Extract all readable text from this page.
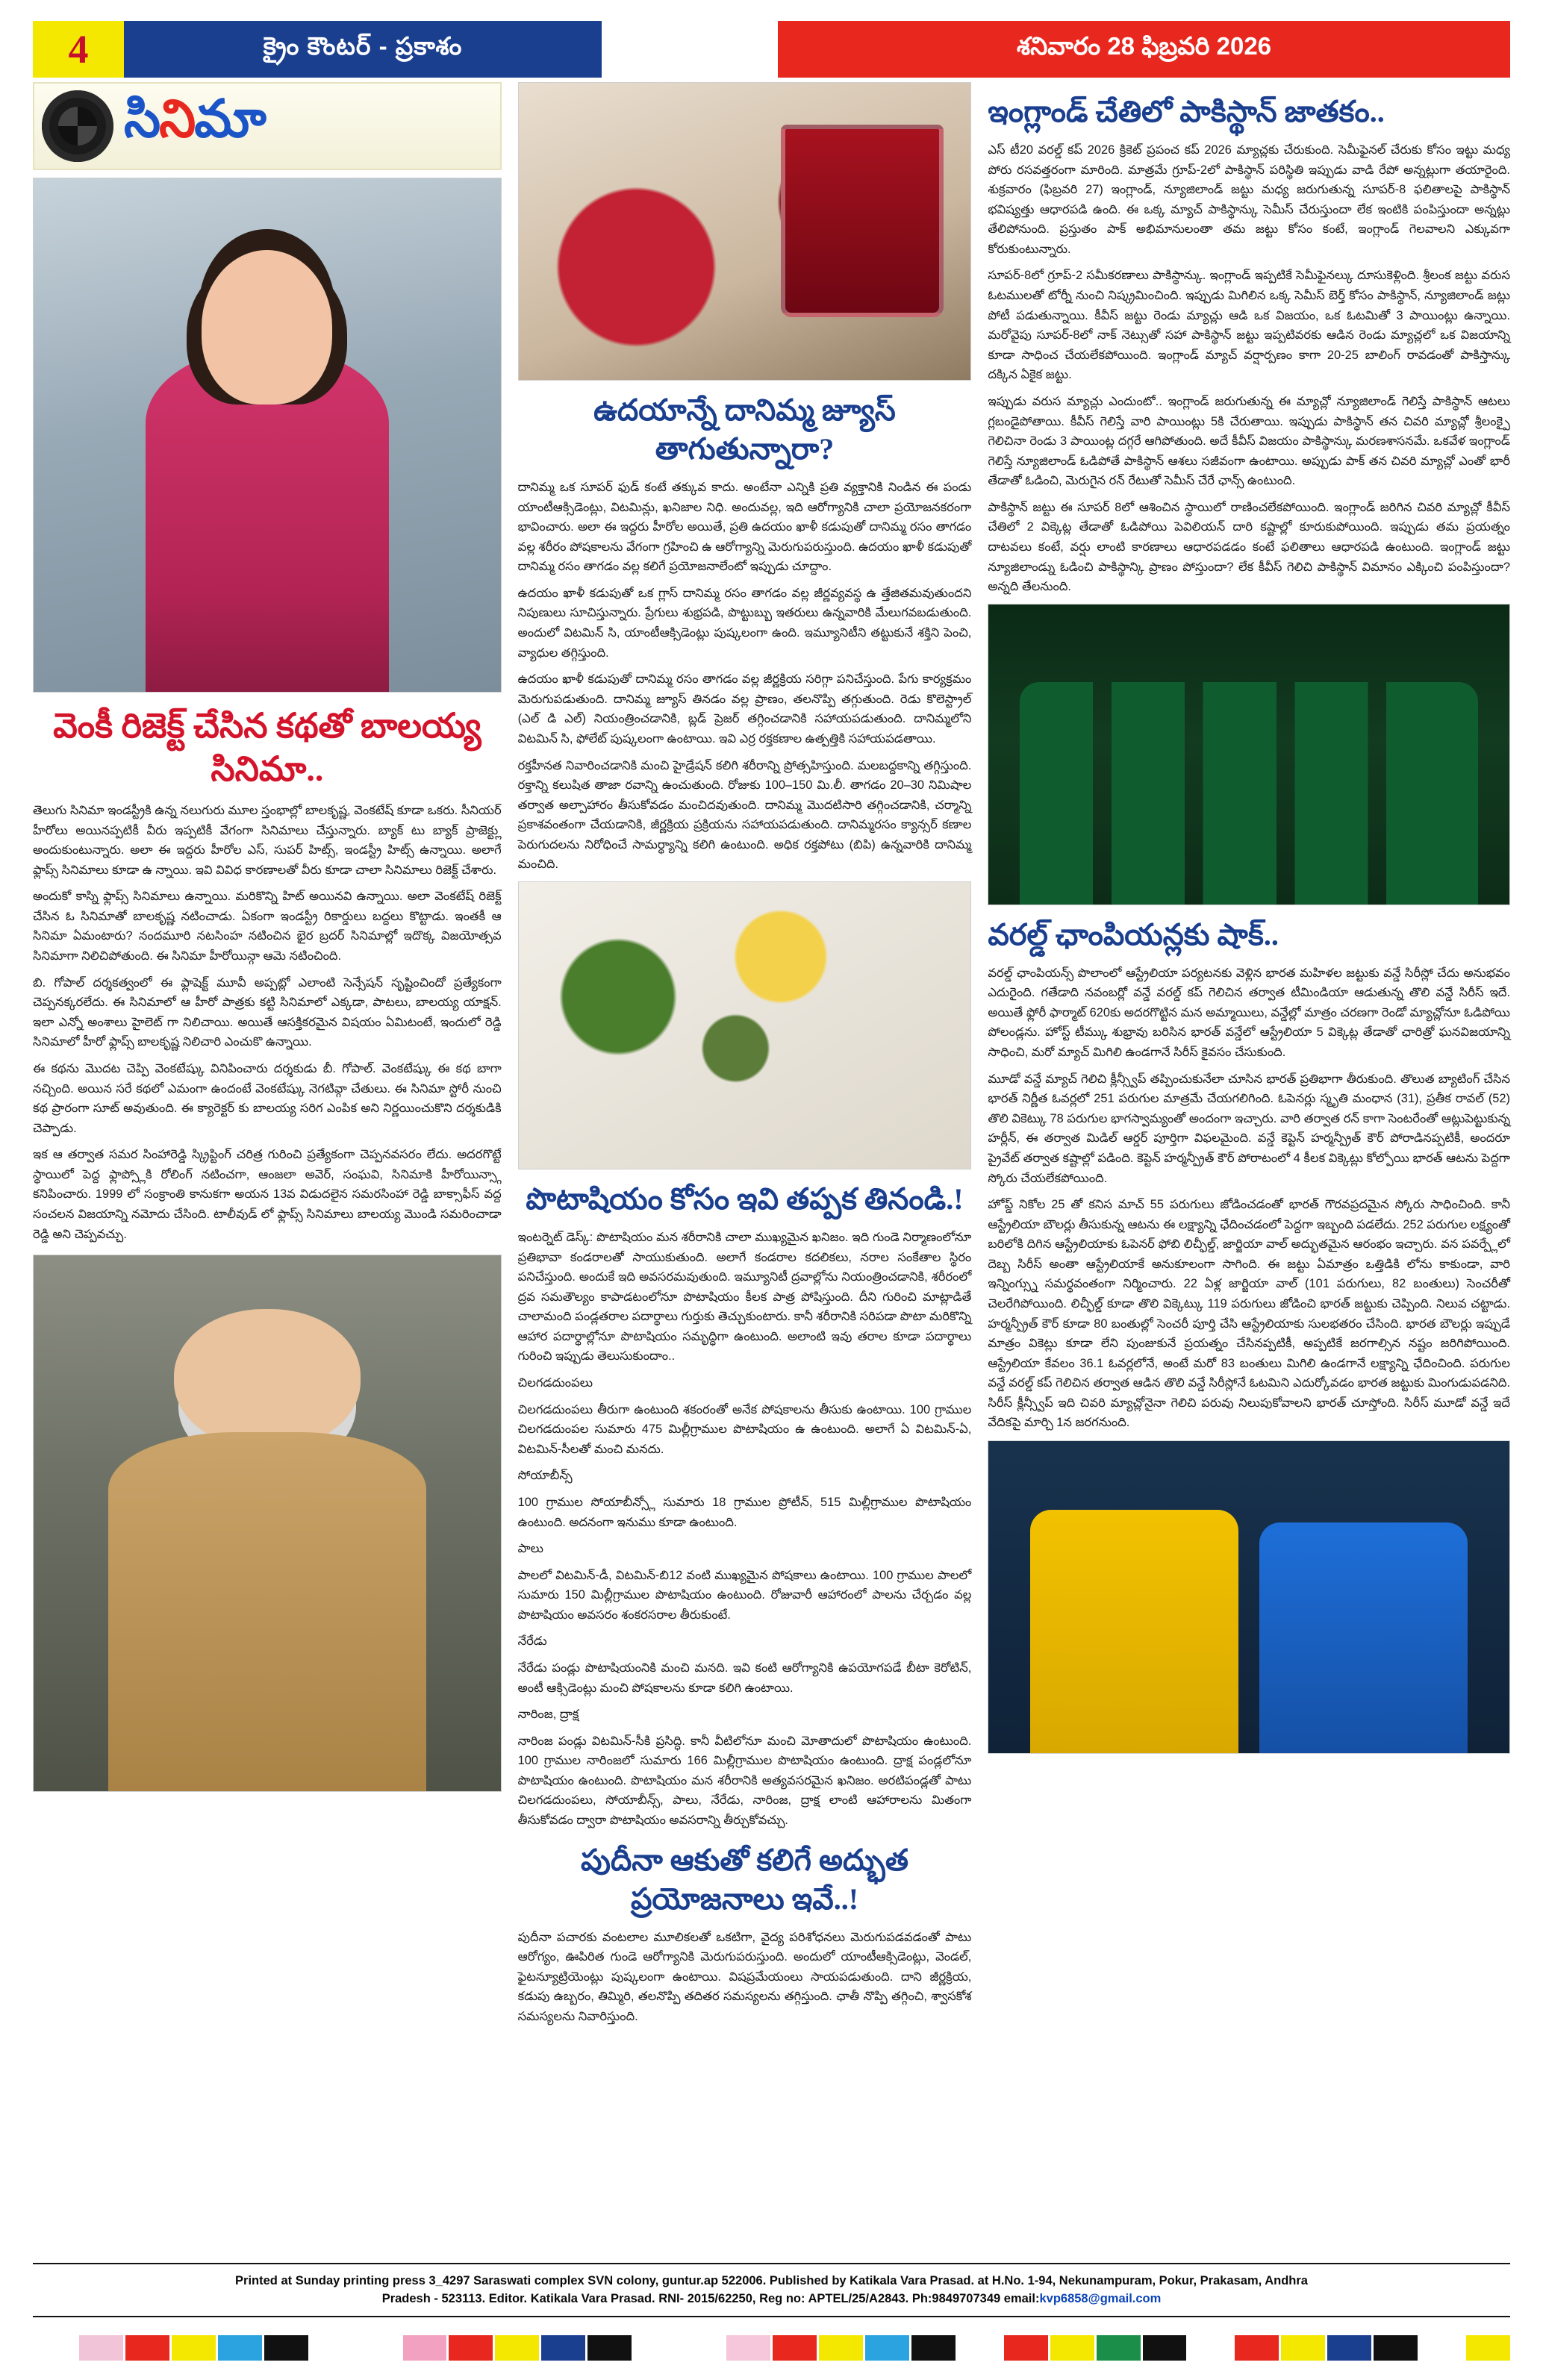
4	క్రైం కౌంటర్ - ప్రకాశం	శనివారం 28 ఫిబ్రవరి 2026
సినిమా
వెంకీ రిజెక్ట్ చేసిన కథతో బాలయ్య సినిమా..

తెలుగు సినిమా ఇండస్ట్రీకి ఉన్న నలుగురు మూల స్తంభాల్లో బాలకృష్ణ, వెంకటేష్ కూడా ఒకరు. సీనియర్ హీరోలు అయినప్పటికీ వీరు ఇప్పటికీ వేగంగా సినిమాలు చేస్తున్నారు. బ్యాక్ టు బ్యాక్ ప్రాజెక్ట్లు అందుకుంటున్నారు. అలా ఈ ఇద్దరు హీరోల ఎస్, సుపర్ హిట్స్, ఇండస్ట్రీ హిట్స్ ఉన్నాయి. అలాగే ఫ్లాప్స్ సినిమాలు కూడా ఉ న్నాయి. ఇవి వివిధ కారణాలతో వీరు కూడా చాలా సినిమాలు రిజెక్ట్ చేశారు.

అందుకో కాస్ని ఫ్లాప్స్ సినిమాలు ఉన్నాయి. మరికొన్ని హిట్ అయినవి ఉన్నాయి. అలా వెంకటేష్ రిజెక్ట్ చేసిన ఓ సినిమాతో బాలకృష్ణ నటించాడు. ఏకంగా ఇండస్ట్రీ రికార్డులు బద్దలు కొట్టాడు. ఇంతకీ ఆ సినిమా ఏమంటారు? నందమూరి నటసింహ నటించిన భైర బ్రదర్ సినిమాల్లో ఇదొక్క విజయోత్సవ సినిమాగా నిలిచిపోతుంది. ఈ సినిమా హీరోయిన్గా ఆమె నటించింది.

బి. గోపాల్ దర్శకత్వంలో ఈ ఫ్లాషెక్ట్ మూవీ అప్పట్లో ఎలాంటి సెన్సేషన్ సృష్టించిందో ప్రత్యేకంగా చెప్పనక్కరలేదు. ఈ సినిమాలో ఆ హీరో పాత్రకు కట్టి సినిమాలో ఎక్కడా, పాటలు, బాలయ్య యాక్షన్. ఇలా ఎన్నో అంశాలు హైలెట్ గా నిలిచాయి. అయితే ఆసక్తికరమైన విషయం ఏమిటంటే, ఇందులో రెడ్డి సినిమాలో హీరో ఫ్లాప్స్ బాలకృష్ణ నిలిచారి ఎంచుకొ ఉన్నాయి.

ఈ కథను మొదట చెప్పి వెంకటేష్కు వినిపించారు దర్శకుడు బీ. గోపాల్. వెంకటేష్కు ఈ కథ బాగా నచ్చింది. అయిన సరే కథలో ఎమంగా ఉందంటే వెంకటేష్కు నెగటివ్గా చేతులు. ఈ సినిమా స్టోరీ నుంచి కథ ప్రారంగా సూట్ అవుతుంది. ఈ క్యారెక్టర్ కు బాలయ్య సరిగ ఎంపిక అని నిర్ణయించుకొని దర్శకుడికి చెప్పాడు.

ఇక ఆ తర్వాత సమర సింహారెడ్డి స్క్రిప్టింగ్ చరిత్ర గురించి ప్రత్యేకంగా చెప్పనవసరం లేదు. అదరగొట్టే స్థాయిలో పెద్ద ఫ్లాప్స్లోకి రోలింగ్ నటించగా, ఆంజలా అవెర్, సంఘవి, సినిమాకి హీరోయిన్స్గా కనిపించారు. 1999 లో సంక్రాంతి కానుకగా అయన 13వ విడుదలైన సమరసింహా రెడ్డి బాక్సాఫీస్ వద్ద సంచలన విజయాన్ని నమోదు చేసింది. టాలీవుడ్ లో ఫ్లాప్స్ సినిమాలు బాలయ్య మొండి సమరించాడా రెడ్డి అని చెప్పవచ్చు.

ఉదయాన్నే దానిమ్మ జ్యూస్ తాగుతున్నారా?

దానిమ్మ ఒక సూపర్ ఫుడ్ కంటే తక్కువ కాదు. అంటేనా ఎన్నికి ప్రతి వ్యక్తానికి నిండిన ఈ పండు యాంటీఆక్సిడెంట్లు, విటమిన్లు, ఖనిజాల నిధి. అందువల్ల, ఇది ఆరోగ్యానికి చాలా ప్రయోజనకరంగా భావించారు. అలా ఈ ఇద్దరు హీరోల అయితే, ప్రతి ఉదయం ఖాళీ కడుపుతో దానిమ్మ రసం తాగడం వల్ల శరీరం పోషకాలను వేగంగా గ్రహించి ఉ ఆరోగ్యాన్ని మెరుగుపరుస్తుంది. ఉదయం ఖాళీ కడుపుతో దానిమ్మ రసం తాగడం వల్ల కలిగే ప్రయోజనాలేంటో ఇప్పుడు చూద్దాం.

ఉదయం ఖాళీ కడుపుతో ఒక గ్లాస్ దానిమ్మ రసం తాగడం వల్ల జీర్ణవ్యవస్థ ఉ త్తేజితమవుతుందని నిపుణులు సూచిస్తున్నారు. ప్రేగులు శుభ్రపడి, పొట్టుబ్బు ఇతరులు ఉన్నవారికి మేలుగవబడుతుంది. అందులో విటమిన్ సి, యాంటీఆక్సిడెంట్లు పుష్కలంగా ఉంది. ఇమ్యూనిటీని తట్టుకునే శక్తిని పెంచి, వ్యాధుల తగ్గిస్తుంది.

ఉదయం ఖాళీ కడుపుతో దానిమ్మ రసం తాగడం వల్ల జీర్ణక్రియ సరిగ్గా పనిచేస్తుంది. పేగు కార్యక్రమం మెరుగుపడుతుంది. దానిమ్మ జ్యూస్ తినడం వల్ల ప్రాణం, తలనొప్పి తగ్గుతుంది. రెడు కొలెస్ట్రాల్ (ఎల్ డి ఎల్) నియంత్రించడానికి, బ్లడ్ ప్రెజర్ తగ్గించడానికి సహాయపడుతుంది. దానిమ్మలోని విటమిన్ సి, ఫోలేట్ పుష్కలంగా ఉంటాయి. ఇవి ఎర్ర రక్తకణాల ఉత్పత్తికి సహాయపడతాయి.

రక్తహీనత నివారించడానికి మంచి హైడ్రేషన్ కలిగి శరీరాన్ని ప్రోత్సహిస్తుంది. మలబద్దకాన్ని తగ్గిస్తుంది. రక్తాన్ని కలుషిత తాజా రవాన్ని ఉంచుతుంది. రోజుకు 100–150 మి.లీ. తాగడం 20–30 నిమిషాల తర్వాత అల్పాహారం తీసుకోవడం మంచిదవుతుంది. దానిమ్మ మొదటిసారి తగ్గించడానికి, చర్మాన్ని ప్రకాశవంతంగా చేయడానికి, జీర్ణక్రియ ప్రక్రియను సహాయపడుతుంది. దానిమ్మరసం క్యాన్సర్ కణాల పెరుగుదలను నిరోధించే సామర్థ్యాన్ని కలిగి ఉంటుంది. అధిక రక్తపోటు (బిపి) ఉన్నవారికి దానిమ్మ మంచిది.

పొటాషియం కోసం ఇవి తప్పక తినండి.!

ఇంటర్నెట్ డెస్క్: పొటాషియం మన శరీరానికి చాలా ముఖ్యమైన ఖనిజం. ఇది గుండె నిర్మాణంలోనూ ప్రతిభావా కండరాలతో సాయుకుతుంది. అలాగే కండరాల కదలికలు, నరాల సంకేతాల స్థిరం పనిచేస్తుంది. అందుకే ఇది అవసరమవుతుంది. ఇమ్యూనిటీ ద్రవాల్లోను నియంత్రించడానికి, శరీరంలో ద్రవ సమతౌల్యం కాపాడటంలోనూ పొటాషియం కీలక పాత్ర పోషిస్తుంది. దీని గురించి మాట్లాడితే చాలామంది పండ్లతరాల పదార్థాలు గుర్తుకు తెచ్చుకుంటారు. కానీ శరీరానికి సరిపడా పొటా మరికొన్ని ఆహార పదార్థాల్లోనూ పొటాషియం సమృద్ధిగా ఉంటుంది. అలాంటి ఇవు తరాల కూడా పదార్థాలు గురించి ఇప్పుడు తెలుసుకుందాం..

చిలగడదుంపలు

చిలగడదుంపలు తీరుగా ఉంటుంది శకంరంతో అనేక పోషకాలను తీసుకు ఉంటాయి. 100 గ్రాముల చిలగడదుంపల సుమారు 475 మిల్లీగ్రాముల పొటాషియం ఉ ఉంటుంది. అలాగే ఏ విటమిన్-ఏ, విటమిన్-సీలతో మంచి మనదు.

సోయాబీన్స్

100 గ్రాముల సోయాబీన్స్లో సుమారు 18 గ్రాముల ప్రోటీన్, 515 మిల్లీగ్రాముల పొటాషియం ఉంటుంది. అదనంగా ఇనుము కూడా ఉంటుంది.

పాలు

పాలలో విటమిన్-డీ, విటమిన్-బి12 వంటి ముఖ్యమైన పోషకాలు ఉంటాయి. 100 గ్రాముల పాలలో సుమారు 150 మిల్లీగ్రాముల పొటాషియం ఉంటుంది. రోజువారీ ఆహారంలో పాలను చేర్చడం వల్ల పొటాషియం అవసరం శంకరసరాల తీరుకుంటే.

నేరేడు

నేరేడు పండ్లు పొటాషియంనికి మంచి మనది. ఇవి కంటి ఆరోగ్యానికి ఉపయోగపడే బీటా కెరోటిన్, అంటీ ఆక్సిడెంట్లు మంచి పోషకాలను కూడా కలిగి ఉంటాయి.

నారింజ, ద్రాక్ష

నారింజ పండ్లు విటమిన్-సీకి ప్రసిద్ధి. కానీ వీటిలోనూ మంచి మోతాదులో పొటాషియం ఉంటుంది. 100 గ్రాముల నారింజలో సుమారు 166 మిల్లీగ్రాముల పొటాషియం ఉంటుంది. ద్రాక్ష పండ్లలోనూ పొటాషియం ఉంటుంది. పొటాషియం మన శరీరానికి అత్యవసరమైన ఖనిజం. అరటిపండ్లతో పాటు చిలగడదుంపలు, సోయాబీన్స్, పాలు, నేరేడు, నారింజ, ద్రాక్ష లాంటి ఆహారాలను మితంగా తీసుకోవడం ద్వారా పొటాషియం అవసరాన్ని తీర్చుకోవచ్చు.

పుదీనా ఆకుతో కలిగే అద్భుత ప్రయోజనాలు ఇవే..!

పుదీనా పచారకు వంటలాల మూలికలతో ఒకటిగా, వైద్య పరిశోధనలు మెరుగుపడవడంతో పాటు ఆరోగ్యం, ఊపిరిత గుండె ఆరోగ్యానికి మెరుగుపరుస్తుంది. అందులో యాంటీఆక్సిడెంట్లు, వెండల్, ఫైటన్యూట్రియెంట్లు పుష్కలంగా ఉంటాయి. విషప్రమేయంలు సాయపడుతుంది. దాని జీర్ణక్రియ, కడుపు ఉబ్బరం, తిమ్మిరి, తలనొప్పి తదితర సమస్యలను తగ్గిస్తుంది. ఛాతీ నొప్పి తగ్గించి, శ్వాసకోశ సమస్యలను నివారిస్తుంది.

ఇంగ్లాండ్ చేతిలో పాకిస్థాన్ జాతకం..

ఎస్ టీ20 వరల్డ్ కప్ 2026 క్రికెట్ ప్రపంచ కప్ 2026 మ్యాచ్లకు చేరుకుంది. సెమీఫైనల్ చేరుకు కోసం ఇట్టు మధ్య పోరు రసవత్తరంగా మారింది. మాత్రమే గ్రూప్-2లో పాకిస్థాన్ పరిస్థితి ఇప్పుడు వాడి రేపో అన్నట్లుగా తయారైంది. శుక్రవారం (ఫిబ్రవరి 27) ఇంగ్లాండ్, న్యూజిలాండ్ జట్టు మధ్య జరుగుతున్న సూపర్-8 ఫలితాలపై పాకిస్థాన్ భవిష్యత్తు ఆధారపడి ఉంది. ఈ ఒక్క మ్యాచ్ పాకిస్థాన్కు సెమీస్ చేరుస్తుందా లేక ఇంటికి పంపిస్తుందా అన్నట్లు తేలిపోనుంది. ప్రస్తుతం పాక్ అభిమానులంతా తమ జట్టు కోసం కంటే, ఇంగ్లాండ్ గెలవాలని ఎక్కువగా కోరుకుంటున్నారు.

సూపర్-8లో గ్రూప్-2 సమీకరణాలు పాకిస్థాన్కు. ఇంగ్లాండ్ ఇప్పటికే సెమీఫైనల్కు దూసుకెళ్లింది. శ్రీలంక జట్టు వరుస ఓటములతో టోర్నీ నుంచి నిష్క్రమించింది. ఇప్పుడు మిగిలిన ఒక్క సెమీస్ బెర్త్ కోసం పాకిస్థాన్, న్యూజిలాండ్ జట్లు పోటీ పడుతున్నాయి. కీవీస్ జట్టు రెండు మ్యాచ్లు ఆడి ఒక విజయం, ఒక ఓటమితో 3 పాయింట్లు ఉన్నాయి. మరోవైపు సూపర్-8లో నాక్ నెట్సుతో సహా పాకిస్థాన్ జట్టు ఇప్పటివరకు ఆడిన రెండు మ్యాచ్లలో ఒక విజయాన్ని కూడా సాధించ చేయలేకపోయింది. ఇంగ్లాండ్ మ్యాచ్ వర్షార్పణం కాగా 20-25 బాలింగ్ రావడంతో పాకిస్తాన్కు దక్కిన ఏకైక జట్టు.

ఇప్పుడు వరుస మ్యాచ్లు ఎందుంటో.. ఇంగ్లాండ్ జరుగుతున్న ఈ మ్యాచ్లో న్యూజిలాండ్ గెలిస్తే పాకిస్థాన్ ఆటలు గ్లబండైపోతాయి. కీవీస్ గెలిస్తే వారి పాయింట్లు 5కి చేరుతాయి. ఇప్పుడు పాకిస్థాన్ తన చివరి మ్యాచ్లో శ్రీలంక్పై గెలిచినా రెండు 3 పాయింట్ల దగ్గరే ఆగిపోతుంది. అదే కీవీస్ విజయం పాకిస్థాన్కు మరణశాసనమే. ఒకవేళ ఇంగ్లాండ్ గెలిస్తే న్యూజిలాండ్ ఓడిపోతే పాకిస్థాన్ ఆశలు సజీవంగా ఉంటాయి. అప్పుడు పాక్ తన చివరి మ్యాచ్లో ఎంతో భారీ తేడాతో ఓడించి, మెరుగైన రన్ రేటుతో సెమీస్ చేరే ఛాన్స్ ఉంటుంది.

పాకిస్థాన్ జట్టు ఈ సూపర్ 8లో ఆశించిన స్థాయిలో రాణించలేకపోయింది. ఇంగ్లాండ్ జరిగిన చివరి మ్యాచ్లో కీవీస్ చేతిలో 2 విక్కెట్ల తేడాతో ఓడిపోయి పెవిలియన్ దారి కష్టాల్లో కూరుకుపోయింది. ఇప్పుడు తమ ప్రయత్నం దాటవలు కంటే, వర్షు లాంటి కారణాలు ఆధారపడడం కంటే ఫలితాలు ఆధారపడి ఉంటుంది. ఇంగ్లాండ్ జట్టు న్యూజిలాండ్ను ఓడించి పాకిస్థాన్కి ప్రాణం పోస్తుందా? లేక కీవీస్ గెలిచి పాకిస్థాన్ విమానం ఎక్కించి పంపిస్తుందా? అన్నది తేలనుంది.

వరల్డ్ ఛాంపియన్లకు షాక్..

వరల్డ్ ఛాంపియన్స్ పొలాంలో ఆస్ట్రేలియా పర్యటనకు వెళ్లిన భారత మహిళల జట్టుకు వన్డే సిరీస్లో చేదు అనుభవం ఎదురైంది. గతేడాది నవంబర్లో వన్డే వరల్డ్ కప్ గెలిచిన తర్వాత టీమిండియా ఆడుతున్న తొలి వన్డే సిరీస్ ఇదే. అయితే ఫ్లోరీ ఫార్మాట్ 620కు అదరగొట్టిన మన అమ్మాయిలు, వన్డేల్లో మాత్రం చరణగా రెండో మ్యాచ్లోనూ ఓడిపోయి పోలండ్లను. హోస్ట్ టీమ్కు శుభ్రావు బరిసిన భారత్ వన్డేలో ఆస్ట్రేలియా 5 విక్కెట్ల తేడాతో ఛారిత్రో ఘనవిజయాన్ని సాధించి, మరో మ్యాచ్ మిగిలి ఉండగానే సిరీస్ కైవసం చేసుకుంది.

మూడో వన్డే మ్యాచ్ గెలిచి క్లీన్స్వీప్ తప్పించుకునేలా చూసిన భారత్ ప్రతిభాగా తీరుకుంది. తొలుత బ్యాటింగ్ చేసిన భారత్ నిర్ణీత ఓవర్లలో 251 పరుగుల మాత్రమే చేయగలిగింది. ఓపెనర్లు స్మృతి మంధాన (31), ప్రతీక రావల్ (52) తొలి వికెట్కు 78 పరుగుల భాగస్వామ్యంతో అందంగా ఇచ్చారు. వారి తర్వాత రన్ కాగా సెంటరేంతో ఆట్లుపెట్టుకున్న హర్లీన్, ఈ తర్వాత మిడిల్ ఆర్డర్ పూర్తిగా విఫలమైంది. వన్డే కెప్టెన్ హర్మన్ప్రీత్ కౌర్ పోరాడినప్పటికీ, అందరూ ప్రైవేట్ తర్వాత కష్టాల్లో పడింది. కెప్టెన్ హర్మన్ప్రీత్ కౌర్ పోరాటంలో 4 కీలక విక్కెట్లు కోల్పోయి భారత్ ఆటను పెద్దగా స్కోరు చేయలేకపోయింది.

హోప్డ్ నికోల 25 తో కనిస మాచ్ 55 పరుగులు జోడించడంతో భారత్ గౌరవప్రదమైన స్కోరు సాధించింది. కానీ ఆస్ట్రేలియా బౌలర్లు తీసుకున్న ఆటను ఈ లక్ష్యాన్ని ఛేదించడంలో పెద్దగా ఇబ్బంది పడలేదు. 252 పరుగుల లక్ష్యంతో బరిలోకి దిగిన ఆస్ట్రేలియాకు ఓపెనర్ ఫోబి లిచ్ఫీల్డ్, జార్జియా వాల్ అద్భుతమైన ఆరంభం ఇచ్చారు. వన పవర్ప్లేలో దెబ్బ సిరీస్ అంతా ఆస్ట్రేలియాకే అనుకూలంగా సాగింది. ఈ జట్టు ఏమాత్రం ఒత్తిడికి లోను కాకుండా, వారి ఇన్నింగ్స్ను సమర్థవంతంగా నిర్మించారు. 22 ఏళ్ల జార్జియా వాల్ (101 పరుగులు, 82 బంతులు) సెంచరీతో చెలరేగిపోయింది. లిచ్ఫీల్డ్ కూడా తొలి విక్కెట్కు 119 పరుగులు జోడించి భారత్ జట్టుకు చెప్పింది. నిలువ చట్టాడు. హర్మన్ప్రీత్ కౌర్ కూడా 80 బంతుల్లో సెంచరీ పూర్తి చేసి ఆస్ట్రేలియాకు సులభతరం చేసింది. భారత బౌలర్లు ఇప్పుడే మాత్రం వికెట్లు కూడా లేని పుంజుకునే ప్రయత్నం చేసినప్పటికీ, అప్పటికే జరగాల్సిన నష్టం జరిగిపోయింది. ఆస్ట్రేలియా కేవలం 36.1 ఓవర్లలోనే, అంటే మరో 83 బంతులు మిగిలి ఉండగానే లక్ష్యాన్ని ఛేదించింది. పరుగుల వన్డే వరల్డ్ కప్ గెలిచిన తర్వాత ఆడిన తొలి వన్డే సిరీస్లోనే ఓటమిని ఎదుర్కోవడం భారత జట్టుకు మింగుడుపడనిది. సిరీస్ క్లీన్స్వీప్ ఇది చివరి మ్యాచ్లోనైనా గెలిచి పరువు నిలుపుకోవాలని భారత్ చూస్తోంది. సిరీస్ మూడో వన్డే ఇదే వేదికపై మార్చి 1న జరగనుంది.

Printed at Sunday printing press 3_4297 Saraswati complex SVN colony, guntur.ap 522006. Published by Katikala Vara Prasad. at H.No. 1-94, Nekunampuram, Pokur, Prakasam, Andhra
Pradesh - 523113. Editor. Katikala Vara Prasad. RNI- 2015/62250, Reg no: APTEL/25/A2843. Ph:9849707349 email:kvp6858@gmail.com
